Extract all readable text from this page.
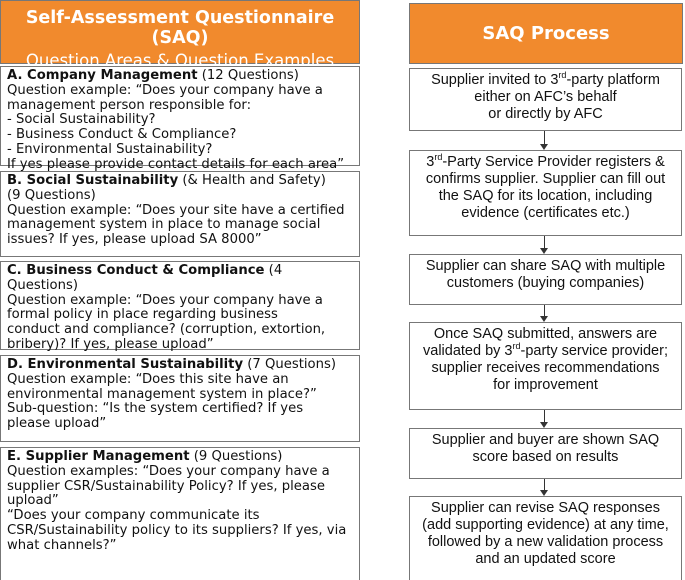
Self-Assessment Questionnaire (SAQ)
Question Areas & Question Examples
A. Company Management (12 Questions)
Question example: “Does your company have a
management person responsible for:
- Social Sustainability?
- Business Conduct & Compliance?
- Environmental Sustainability?
If yes please provide contact details for each area”
B. Social Sustainability (& Health and Safety)
(9 Questions)
Question example: “Does your site have a certified
management system in place to manage social
issues? If yes, please upload SA 8000”
C. Business Conduct & Compliance (4 Questions)
Question example: “Does your company have a
formal policy in place regarding business
conduct and compliance? (corruption, extortion,
bribery)? If yes, please upload”
D. Environmental Sustainability (7 Questions)
Question example: “Does this site have an
environmental management system in place?”
Sub-question: “Is the system certified? If yes
please upload”
E. Supplier Management (9 Questions)
Question examples: “Does your company have a
supplier CSR/Sustainability Policy? If yes, please
upload”
“Does your company communicate its
CSR/Sustainability policy to its suppliers? If yes, via
what channels?”
SAQ Process
Supplier invited to 3rd-party platform
either on AFC’s behalf
or directly by AFC
3rd-Party Service Provider registers &
confirms supplier. Supplier can fill out
the SAQ for its location, including
evidence (certificates etc.)
Supplier can share SAQ with multiple
customers (buying companies)
Once SAQ submitted, answers are
validated by 3rd-party service provider;
supplier receives recommendations
for improvement
Supplier and buyer are shown SAQ
score based on results
Supplier can revise SAQ responses
(add supporting evidence) at any time,
followed by a new validation process
and an updated score
